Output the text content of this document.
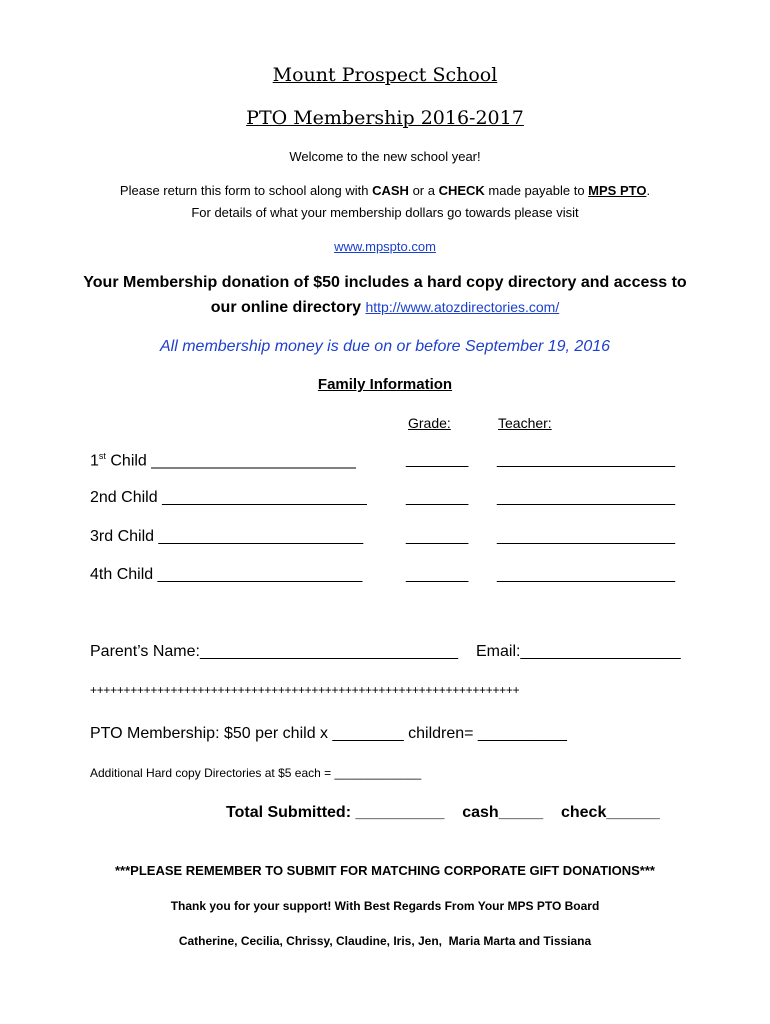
Mount Prospect School
PTO Membership 2016-2017
Welcome to the new school year!
Please return this form to school along with CASH or a CHECK made payable to MPS PTO.
For details of what your membership dollars go towards please visit
www.mpspto.com
Your Membership donation of $50 includes a hard copy directory and access to
our online directory http://www.atozdirectories.com/
All membership money is due on or before September 19, 2016
Family Information
Grade:	Teacher:
1st Child _______________________	_______ ____________________
2nd Child _______________________ _______ ____________________
3rd Child _______________________	_______ ____________________
4th Child _______________________	_______ ____________________
Parent’s Name:_____________________________ Email:__________________
++++++++++++++++++++++++++++++++++++++++++++++++++++++++++++++++
PTO Membership: $50 per child x ________ children= __________
Additional Hard copy Directories at $5 each = _____________
Total Submitted: __________    cash_____    check______
***PLEASE REMEMBER TO SUBMIT FOR MATCHING CORPORATE GIFT DONATIONS***
Thank you for your support! With Best Regards From Your MPS PTO Board
Catherine, Cecilia, Chrissy, Claudine, Iris, Jen,  Maria Marta and Tissiana
